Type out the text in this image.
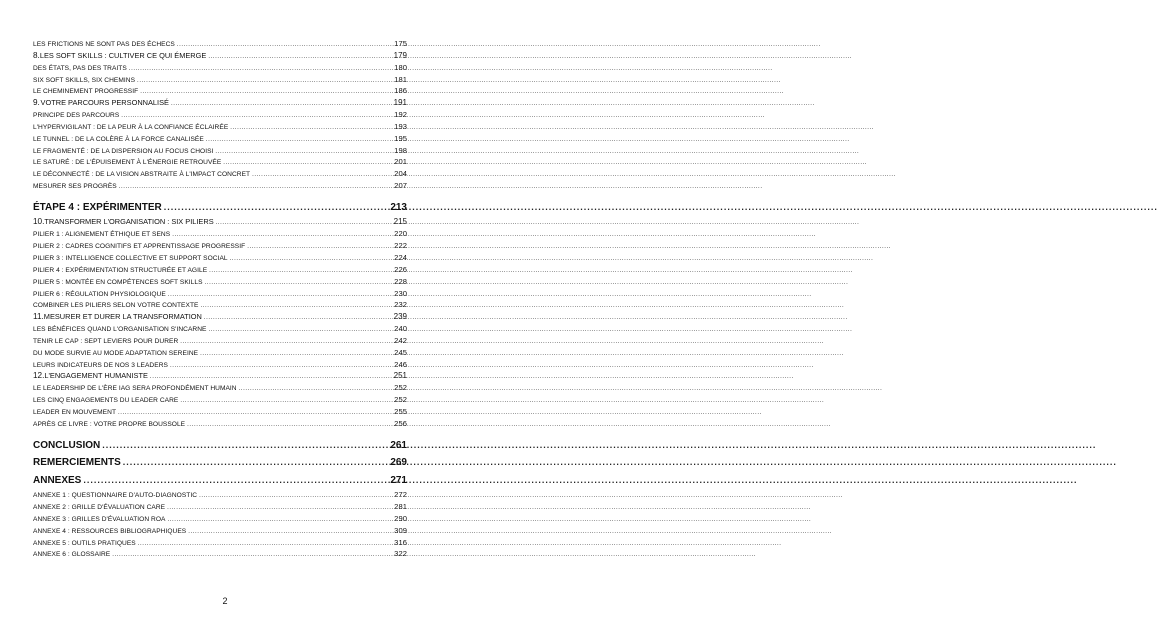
LES FRICTIONS NE SONT PAS DES ÉCHECS .....	175
8. LES SOFT SKILLS : CULTIVER CE QUI ÉMERGE .....	179
DES ÉTATS, PAS DES TRAITS .....	180
SIX SOFT SKILLS, SIX CHEMINS .....	181
LE CHEMINEMENT PROGRESSIF .....	186
9. VOTRE PARCOURS PERSONNALISÉ .....	191
PRINCIPE DES PARCOURS .....	192
L'HYPERVIGILANT : DE LA PEUR À LA CONFIANCE ÉCLAIRÉE .....	193
LE TUNNEL : DE LA COLÈRE À LA FORCE CANALISÉE .....	195
LE FRAGMENTÉ : DE LA DISPERSION AU FOCUS CHOISI .....	198
LE SATURÉ : DE L'ÉPUISEMENT À L'ÉNERGIE RETROUVÉE .....	201
LE DÉCONNECTÉ : DE LA VISION ABSTRAITE À L'IMPACT CONCRET .....	204
MESURER SES PROGRÈS .....	207
ÉTAPE 4 : EXPÉRIMENTER .....	213
10. TRANSFORMER L'ORGANISATION : SIX PILIERS .....	215
PILIER 1 : ALIGNEMENT ÉTHIQUE ET SENS .....	220
PILIER 2 : CADRES COGNITIFS ET APPRENTISSAGE PROGRESSIF .....	222
PILIER 3 : INTELLIGENCE COLLECTIVE ET SUPPORT SOCIAL .....	224
PILIER 4 : EXPÉRIMENTATION STRUCTURÉE ET AGILE .....	226
PILIER 5 : MONTÉE EN COMPÉTENCES SOFT SKILLS .....	228
PILIER 6 : RÉGULATION PHYSIOLOGIQUE .....	230
COMBINER LES PILIERS SELON VOTRE CONTEXTE .....	232
11. MESURER ET DURER LA TRANSFORMATION .....	239
LES BÉNÉFICES QUAND L'ORGANISATION S'INCARNE .....	240
TENIR LE CAP : SEPT LEVIERS POUR DURER .....	242
DU MODE SURVIE AU MODE ADAPTATION SEREINE .....	245
LEURS INDICATEURS DE NOS 3 LEADERS .....	246
12. L'ENGAGEMENT HUMANISTE .....	251
LE LEADERSHIP DE L'ÈRE IAG SERA PROFONDÉMENT HUMAIN .....	252
LES CINQ ENGAGEMENTS DU LEADER CARE .....	252
LEADER EN MOUVEMENT .....	255
APRÈS CE LIVRE : VOTRE PROPRE BOUSSOLE .....	256
CONCLUSION .....	261
REMERCIEMENTS .....	269
ANNEXES .....	271
ANNEXE 1 : QUESTIONNAIRE D'AUTO-DIAGNOSTIC .....	272
ANNEXE 2 : GRILLE D'ÉVALUATION CARE .....	281
ANNEXE 3 : GRILLES D'ÉVALUATION ROA .....	290
ANNEXE 4 : RESSOURCES BIBLIOGRAPHIQUES .....	309
ANNEXE 5 : OUTILS PRATIQUES .....	316
ANNEXE 6 : GLOSSAIRE .....	322
2
